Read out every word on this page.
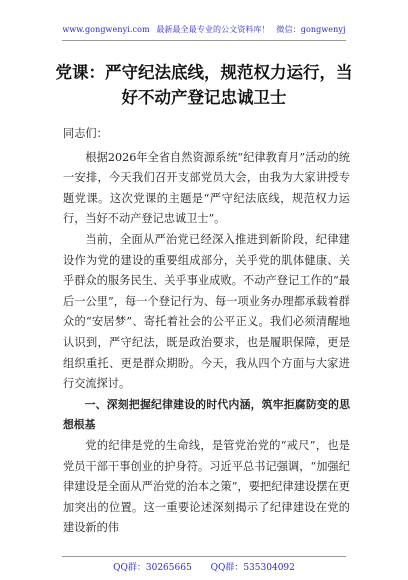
www.gongwenyi.com 最新最全最专业的公文资料库！ 微信：gongwenyj
党课：严守纪法底线，规范权力运行，当好不动产登记忠诚卫士

同志们：

根据2026年全省自然资源系统“纪律教育月”活动的统一安排，今天我们召开支部党员大会，由我为大家讲授专题党课。这次党课的主题是“严守纪法底线，规范权力运行，当好不动产登记忠诚卫士”。

当前，全面从严治党已经深入推进到新阶段，纪律建设作为党的建设的重要组成部分，关乎党的肌体健康、关乎群众的服务民生、关乎事业成败。不动产登记工作的“最后一公里”，每一个登记行为、每一项业务办理都承载着群众的“安居梦”、寄托着社会的公平正义。我们必须清醒地认识到，严守纪法，既是政治要求，也是履职保障，更是组织重托、更是群众期盼。今天，我从四个方面与大家进行交流探讨。

一、深刻把握纪律建设的时代内涵，筑牢拒腐防变的思想根基

党的纪律是党的生命线，是管党治党的“戒尺”，也是党员干部干事创业的护身符。习近平总书记强调，“加强纪律建设是全面从严治党的治本之策”，要把纪律建设摆在更加突出的位置。这一重要论述深刻揭示了纪律建设在党的建设新的伟

QQ群：30265665 QQ群：535304092
